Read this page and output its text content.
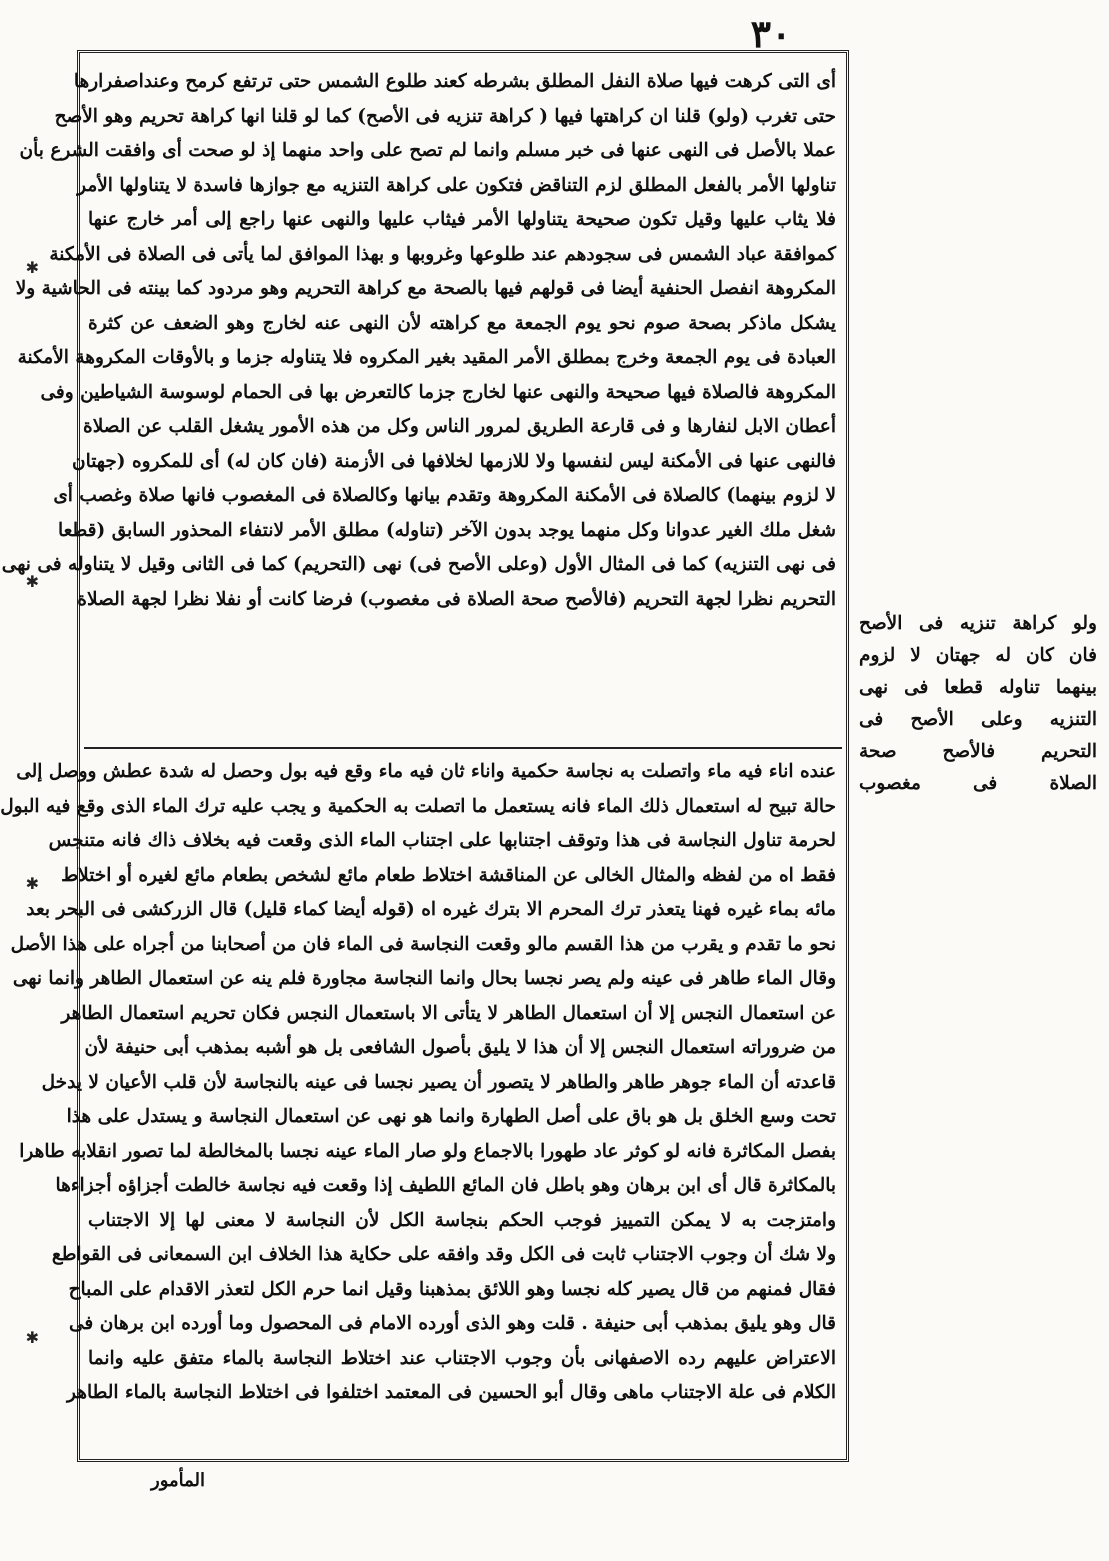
٣٠
أى التى كرهت فيها صلاة النفل المطلق بشرطه كعند طلوع الشمس حتى ترتفع كرمح وعنداصفرارها
حتى تغرب (ولو) قلنا ان كراهتها فيها ( كراهة تنزيه فى الأصح) كما لو قلنا انها كراهة تحريم وهو الأصح
عملا بالأصل فى النهى عنها فى خبر مسلم وانما لم تصح على واحد منهما إذ لو صحت أى وافقت الشرع بأن
تناولها الأمر بالفعل المطلق لزم التناقض فتكون على كراهة التنزيه مع جوازها فاسدة لا يتناولها الأمر
فلا يثاب عليها وقيل تكون صحيحة يتناولها الأمر فيثاب عليها والنهى عنها راجع إلى أمر خارج عنها
كموافقة عباد الشمس فى سجودهم عند طلوعها وغروبها و بهذا الموافق لما يأتى فى الصلاة فى الأمكنة
المكروهة انفصل الحنفية أيضا فى قولهم فيها بالصحة مع كراهة التحريم وهو مردود كما بينته فى الحاشية ولا
يشكل ماذكر بصحة صوم نحو يوم الجمعة مع كراهته لأن النهى عنه لخارج وهو الضعف عن كثرة
العبادة فى يوم الجمعة وخرج بمطلق الأمر المقيد بغير المكروه فلا يتناوله جزما و بالأوقات المكروهة الأمكنة
المكروهة فالصلاة فيها صحيحة والنهى عنها لخارج جزما كالتعرض بها فى الحمام لوسوسة الشياطين وفى
أعطان الابل لنفارها و فى قارعة الطريق لمرور الناس وكل من هذه الأمور يشغل القلب عن الصلاة
فالنهى عنها فى الأمكنة ليس لنفسها ولا للازمها لخلافها فى الأزمنة (فان كان له) أى للمكروه (جهتان
لا لزوم بينهما) كالصلاة فى الأمكنة المكروهة وتقدم بيانها وكالصلاة فى المغصوب فانها صلاة وغصب أى
شغل ملك الغير عدوانا وكل منهما يوجد بدون الآخر (تناوله) مطلق الأمر لانتفاء المحذور السابق (قطعا
فى نهى التنزيه) كما فى المثال الأول (وعلى الأصح فى) نهى (التحريم) كما فى الثانى وقيل لا يتناوله فى نهى
التحريم نظرا لجهة التحريم (فالأصح صحة الصلاة فى مغصوب) فرضا كانت أو نفلا نظرا لجهة الصلاة
عنده اناء فيه ماء واتصلت به نجاسة حكمية واناء ثان فيه ماء وقع فيه بول وحصل له شدة عطش ووصل إلى
حالة تبيح له استعمال ذلك الماء فانه يستعمل ما اتصلت به الحكمية و يجب عليه ترك الماء الذى وقع فيه البول
لحرمة تناول النجاسة فى هذا وتوقف اجتنابها على اجتناب الماء الذى وقعت فيه بخلاف ذاك فانه متنجس
فقط اه من لفظه والمثال الخالى عن المناقشة اختلاط طعام مائع لشخص بطعام مائع لغيره أو اختلاط
مائه بماء غيره فهنا يتعذر ترك المحرم الا بترك غيره اه (قوله أيضا كماء قليل) قال الزركشى فى البحر بعد
نحو ما تقدم و يقرب من هذا القسم مالو وقعت النجاسة فى الماء فان من أصحابنا من أجراه على هذا الأصل
وقال الماء طاهر فى عينه ولم يصر نجسا بحال وانما النجاسة مجاورة فلم ينه عن استعمال الطاهر وانما نهى
عن استعمال النجس إلا أن استعمال الطاهر لا يتأتى الا باستعمال النجس فكان تحريم استعمال الطاهر
من ضروراته استعمال النجس إلا أن هذا لا يليق بأصول الشافعى بل هو أشبه بمذهب أبى حنيفة لأن
قاعدته أن الماء جوهر طاهر والطاهر لا يتصور أن يصير نجسا فى عينه بالنجاسة لأن قلب الأعيان لا يدخل
تحت وسع الخلق بل هو باق على أصل الطهارة وانما هو نهى عن استعمال النجاسة و يستدل على هذا
بفصل المكاثرة فانه لو كوثر عاد طهورا بالاجماع ولو صار الماء عينه نجسا بالمخالطة لما تصور انقلابه طاهرا
بالمكاثرة قال أى ابن برهان وهو باطل فان المائع اللطيف إذا وقعت فيه نجاسة خالطت أجزاؤه أجزاءها
وامتزجت به لا يمكن التمييز فوجب الحكم بنجاسة الكل لأن النجاسة لا معنى لها إلا الاجتناب
ولا شك أن وجوب الاجتناب ثابت فى الكل وقد وافقه على حكاية هذا الخلاف ابن السمعانى فى القواطع
فقال فمنهم من قال يصير كله نجسا وهو اللائق بمذهبنا وقيل انما حرم الكل لتعذر الاقدام على المباح
قال وهو يليق بمذهب أبى حنيفة . قلت وهو الذى أورده الامام فى المحصول وما أورده ابن برهان فى
الاعتراض عليهم رده الاصفهانى بأن وجوب الاجتناب عند اختلاط النجاسة بالماء متفق عليه وانما
الكلام فى علة الاجتناب ماهى وقال أبو الحسين فى المعتمد اختلفوا فى اختلاط النجاسة بالماء الطاهر
ولو كراهة تنزيه فى الأصح
فان كان له جهتان لا لزوم
بينهما تناوله قطعا فى نهى
التنزيه وعلى الأصح فى
التحريم فالأصح صحة
الصلاة فى مغصوب
المأمور
✱
✱
✱
✱
